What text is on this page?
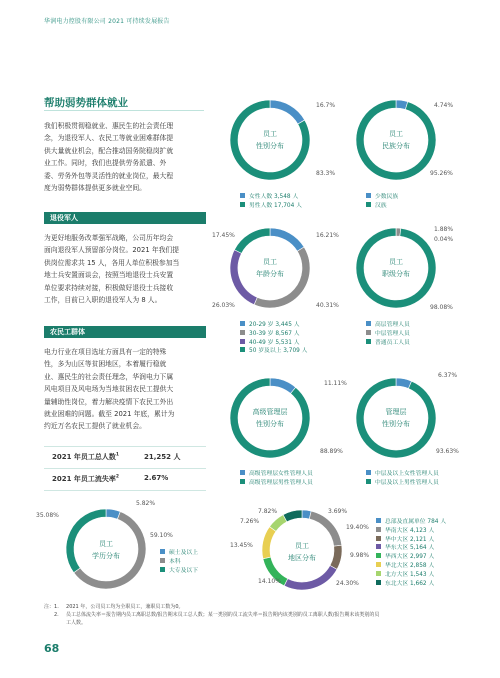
华润电力控股有限公司 2021 可持续发展报告
帮助弱势群体就业
我们积极贯彻稳就业、惠民生的社会责任理
念，为退役军人、农民工等就业困难群体提
供大量就业机会，配合推动国务院稳岗扩就
业工作。同时，我们也提供劳务派遣、外
委、劳务外包等灵活性的就业岗位，最大程
度为弱势群体提供更多就业空间。
退役军人
为更好地服务改革强军战略，公司历年均会
面向退役军人预留部分岗位。2021 年我们提
供岗位需求共 15 人，各用人单位积极参加当
地士兵安置面谈会，按照当地退役士兵安置
单位要求持续对接，积极做好退役士兵接收
工作，目前已入职的退役军人为 8 人。
农民工群体
电力行业在项目选址方面具有一定的特殊
性，多为山区等贫困地区，本着履行稳就
业、惠民生的社会责任理念，华润电力下属
风电项目及风电场为当地贫困农民工提供大
量辅助性岗位，着力解决疫情下农民工外出
就业困难的问题。截至 2021 年底，累计为
约近万名农民工提供了就业机会。
2021 年员工总人数$^1$	21,252 人
2021 年员工流失率$^2$	2.67%
员工
性别分布
员工
民族分布
员工
年龄分布
员工
职级分布
高级管理层
性别分布
管理层
性别分布
员工
学历分布
员工
地区分布
16.7%
83.3%
4.74%
95.26%
16.21%
40.31%
26.03%
17.45%
0.04%
1.88%
98.08%
11.11%
88.89%
6.37%
93.63%
5.82%
59.10%
35.08%
3.69%
19.40%
9.98%
24.30%
14.10%
13.45%
7.26%
7.82%
女性人数 3,548 人
男性人数 17,704 人
少数民族
汉族
20-29 岁 3,445 人
30-39 岁 8,567 人
40-49 岁 5,531 人
50 岁及以上 3,709 人
高层管理人员
中层管理人员
普通员工人员
高级管理层女性管理人员
高级管理层男性管理人员
中层及以上女性管理人员
中层及以上男性管理人员
硕士及以上
本科
大专及以下
总部及直属单位 784 人
华南大区 4,123 人
华中大区 2,121 人
华东大区 5,164 人
华西大区 2,997 人
华北大区 2,858 人
北方大区 1,543 人
东北大区 1,662 人
注：1. 2021 年，公司员工均为全职员工，兼职员工数为0。
2. 员工总体流失率＝报告期内员工离职总数/报告期末员工总人数；某一类别的员工流失率＝报告期内该类别的员工离职人数/报告期末该类别的员
工人数。
68
